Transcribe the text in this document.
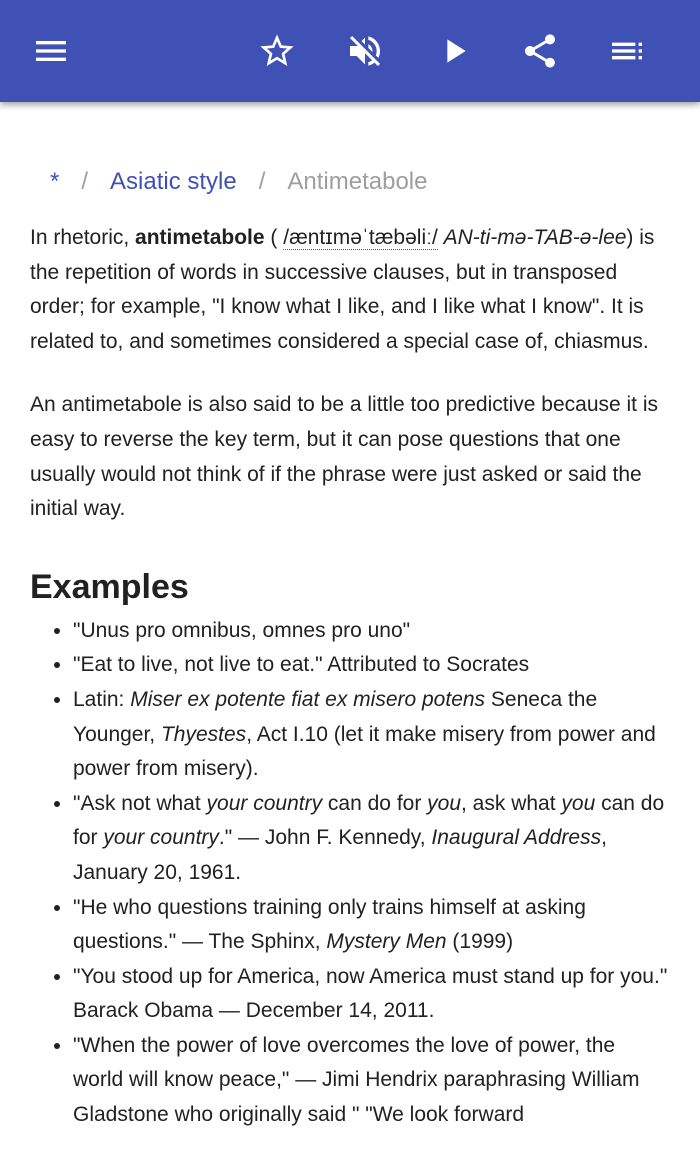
* / Asiatic style / Antimetabole

In rhetoric, antimetabole ( /æntɪməˈtæbəliː/ AN-ti-mə-TAB-ə-lee) is the repetition of words in successive clauses, but in transposed order; for example, "I know what I like, and I like what I know". It is related to, and sometimes considered a special case of, chiasmus.

An antimetabole is also said to be a little too predictive because it is easy to reverse the key term, but it can pose questions that one usually would not think of if the phrase were just asked or said the initial way.

Examples
• "Unus pro omnibus, omnes pro uno"
• "Eat to live, not live to eat." Attributed to Socrates
• Latin: Miser ex potente fiat ex misero potens Seneca the Younger, Thyestes, Act I.10 (let it make misery from power and power from misery).
• "Ask not what your country can do for you, ask what you can do for your country." — John F. Kennedy, Inaugural Address, January 20, 1961.
• "He who questions training only trains himself at asking questions." — The Sphinx, Mystery Men (1999)
• "You stood up for America, now America must stand up for you." Barack Obama — December 14, 2011.
• "When the power of love overcomes the love of power, the world will know peace," — Jimi Hendrix paraphrasing William Gladstone who originally said " "We look forward
